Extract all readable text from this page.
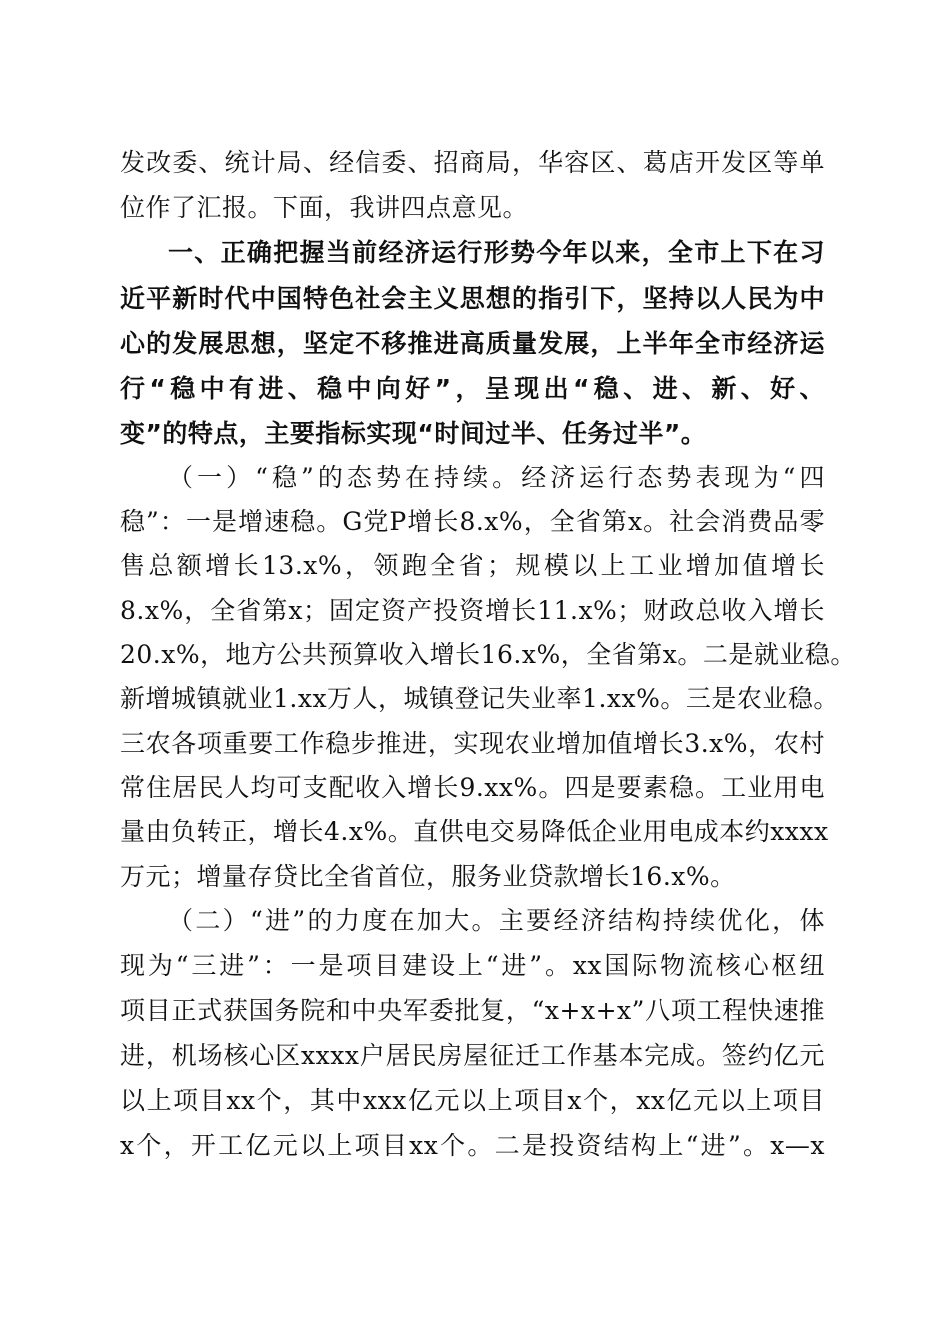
发改委、统计局、经信委、招商局，华容区、葛店开发区等单
位作了汇报。下面，我讲四点意见。
一、正确把握当前经济运行形势今年以来，全市上下在习
近平新时代中国特色社会主义思想的指引下，坚持以人民为中
心的发展思想，坚定不移推进高质量发展，上半年全市经济运
行“稳中有进、稳中向好”，呈现出“稳、进、新、好、
变”的特点，主要指标实现“时间过半、任务过半”。
（一）“稳”的态势在持续。经济运行态势表现为“四
稳”：一是增速稳。G党P增长8.x%，全省第x。社会消费品零
售总额增长13.x%，领跑全省；规模以上工业增加值增长
8.x%，全省第x；固定资产投资增长11.x%；财政总收入增长
20.x%，地方公共预算收入增长16.x%，全省第x。二是就业稳。
新增城镇就业1.xx万人，城镇登记失业率1.xx%。三是农业稳。
三农各项重要工作稳步推进，实现农业增加值增长3.x%，农村
常住居民人均可支配收入增长9.xx%。四是要素稳。工业用电
量由负转正，增长4.x%。直供电交易降低企业用电成本约xxxx
万元；增量存贷比全省首位，服务业贷款增长16.x%。
（二）“进”的力度在加大。主要经济结构持续优化，体
现为“三进”：一是项目建设上“进”。xx国际物流核心枢纽
项目正式获国务院和中央军委批复，“x+x+x”八项工程快速推
进，机场核心区xxxx户居民房屋征迁工作基本完成。签约亿元
以上项目xx个，其中xxx亿元以上项目x个，xx亿元以上项目
x个，开工亿元以上项目xx个。二是投资结构上“进”。x—x
